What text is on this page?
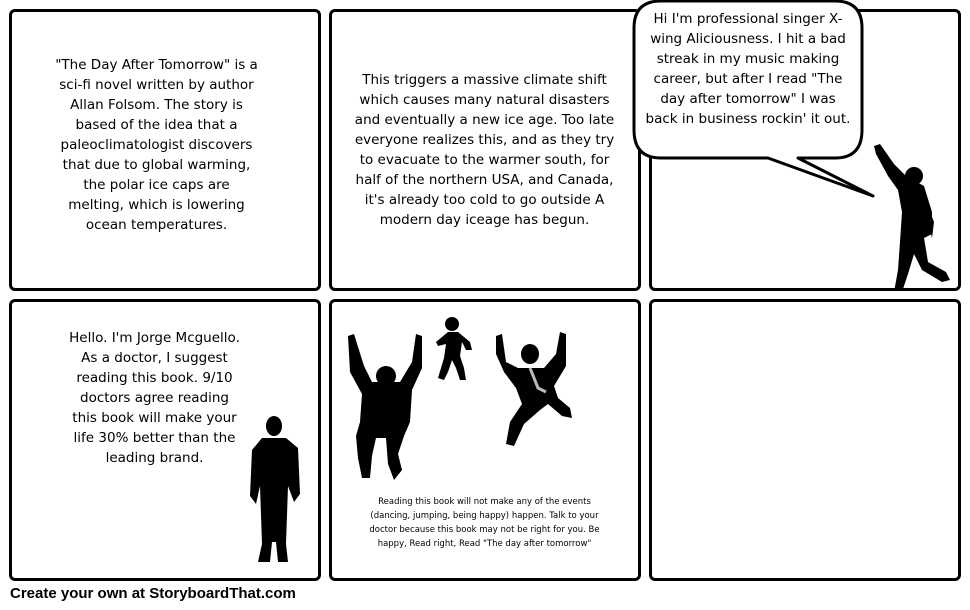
"The Day After Tomorrow" is a sci-fi novel written by author Allan Folsom. The story is based of the idea that a paleoclimatologist discovers that due to global warming, the polar ice caps are melting, which is lowering ocean temperatures.
This triggers a massive climate shift which causes many natural disasters and eventually a new ice age. Too late everyone realizes this, and as they try to evacuate to the warmer south, for half of the northern USA, and Canada, it's already too cold to go outside A modern day iceage has begun.
Hi I'm professional singer X-wing Aliciousness. I hit a bad streak in my music making career, but after I read "The day after tomorrow" I was back in business rockin' it out.
Hello. I'm Jorge Mcguello. As a doctor, I suggest reading this book. 9/10 doctors agree reading this book will make your life 30% better than the leading brand.
Reading this book will not make any of the events (dancing, jumping, being happy) happen. Talk to your doctor because this book may not be right for you. Be happy, Read right, Read "The day after tomorrow"
Create your own at StoryboardThat.com
